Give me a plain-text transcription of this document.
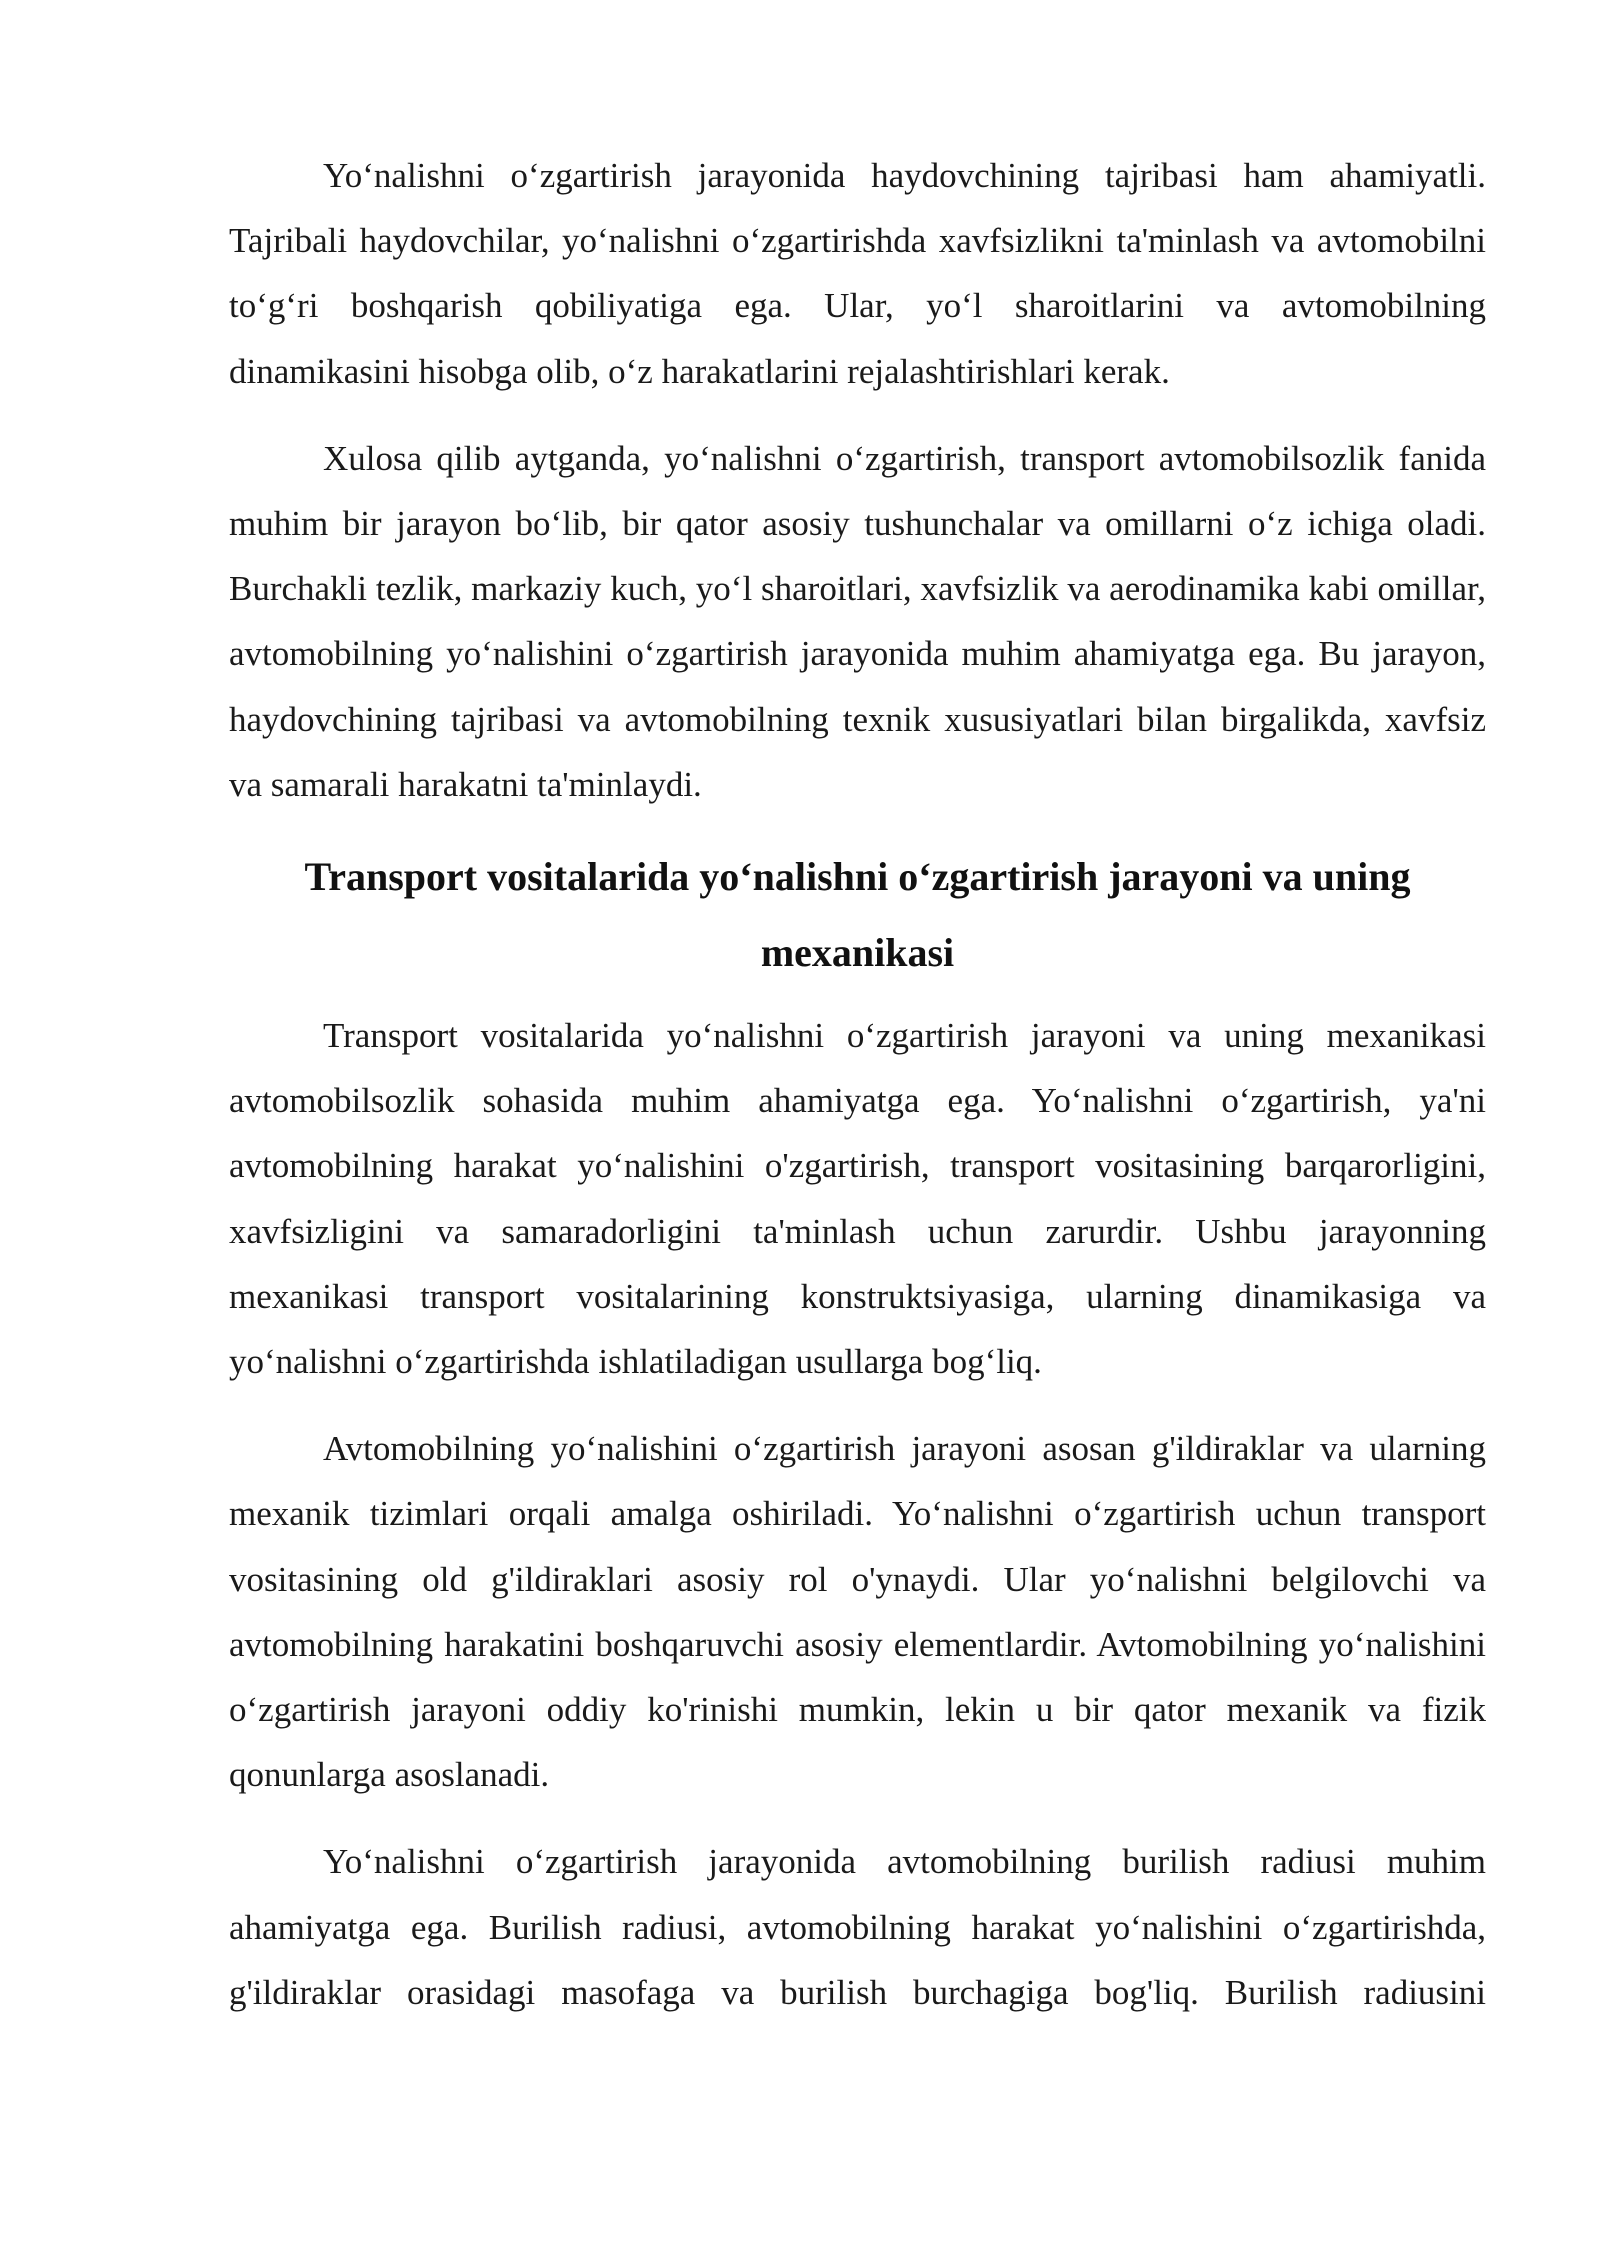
Yo‘nalishni o‘zgartirish jarayonida haydovchining tajribasi ham ahamiyatli. Tajribali haydovchilar, yo‘nalishni o‘zgartirishda xavfsizlikni ta'minlash va avtomobilni to‘g‘ri boshqarish qobiliyatiga ega. Ular, yo‘l sharoitlarini va avtomobilning dinamikasini hisobga olib, o‘z harakatlarini rejalashtirishlari kerak.

Xulosa qilib aytganda, yo‘nalishni o‘zgartirish, transport avtomobilsozlik fanida muhim bir jarayon bo‘lib, bir qator asosiy tushunchalar va omillarni o‘z ichiga oladi. Burchakli tezlik, markaziy kuch, yo‘l sharoitlari, xavfsizlik va aerodinamika kabi omillar, avtomobilning yo‘nalishini o‘zgartirish jarayonida muhim ahamiyatga ega. Bu jarayon, haydovchining tajribasi va avtomobilning texnik xususiyatlari bilan birgalikda, xavfsiz va samarali harakatni ta'minlaydi.

Transport vositalarida yo‘nalishni o‘zgartirish jarayoni va uning mexanikasi

Transport vositalarida yo‘nalishni o‘zgartirish jarayoni va uning mexanikasi avtomobilsozlik sohasida muhim ahamiyatga ega. Yo‘nalishni o‘zgartirish, ya'ni avtomobilning harakat yo‘nalishini o'zgartirish, transport vositasining barqarorligini, xavfsizligini va samaradorligini ta'minlash uchun zarurdir. Ushbu jarayonning mexanikasi transport vositalarining konstruktsiyasiga, ularning dinamikasiga va yo‘nalishni o‘zgartirishda ishlatiladigan usullarga bog‘liq.

Avtomobilning yo‘nalishini o‘zgartirish jarayoni asosan g'ildiraklar va ularning mexanik tizimlari orqali amalga oshiriladi. Yo‘nalishni o‘zgartirish uchun transport vositasining old g'ildiraklari asosiy rol o'ynaydi. Ular yo‘nalishni belgilovchi va avtomobilning harakatini boshqaruvchi asosiy elementlardir. Avtomobilning yo‘nalishini o‘zgartirish jarayoni oddiy ko'rinishi mumkin, lekin u bir qator mexanik va fizik qonunlarga asoslanadi.

Yo‘nalishni o‘zgartirish jarayonida avtomobilning burilish radiusi muhim ahamiyatga ega. Burilish radiusi, avtomobilning harakat yo‘nalishini o‘zgartirishda, g'ildiraklar orasidagi masofaga va burilish burchagiga bog'liq. Burilish radiusini
